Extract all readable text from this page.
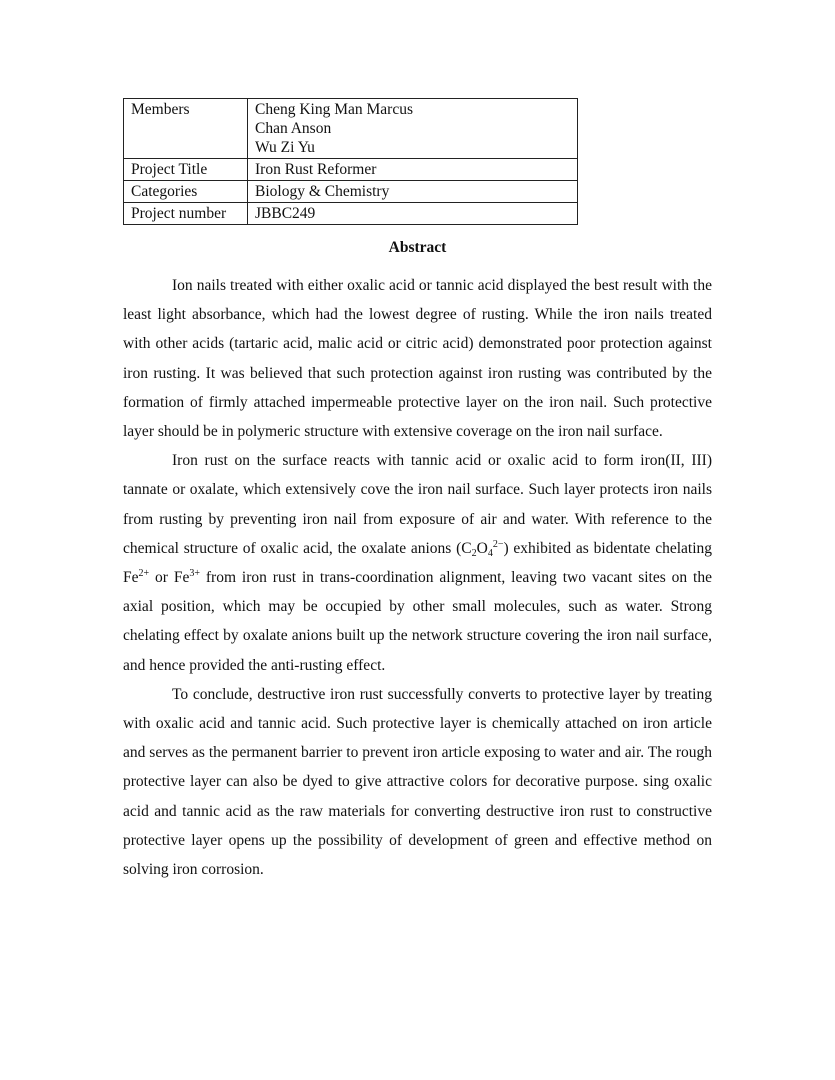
Members	Cheng King Man Marcus
Chan Anson
Wu Zi Yu

Project Title	Iron Rust Reformer
Categories	Biology & Chemistry
Project number	JBBC249
Abstract

Ion nails treated with either oxalic acid or tannic acid displayed the best result with the least light absorbance, which had the lowest degree of rusting. While the iron nails treated with other acids (tartaric acid, malic acid or citric acid) demonstrated poor protection against iron rusting. It was believed that such protection against iron rusting was contributed by the formation of firmly attached impermeable protective layer on the iron nail. Such protective layer should be in polymeric structure with extensive coverage on the iron nail surface.

Iron rust on the surface reacts with tannic acid or oxalic acid to form iron(II, III) tannate or oxalate, which extensively cove the iron nail surface. Such layer protects iron nails from rusting by preventing iron nail from exposure of air and water. With reference to the chemical structure of oxalic acid, the oxalate anions $(C_2O_4^{2-})$ exhibited as bidentate chelating $Fe^{2+}$ or $Fe^{3+}$ from iron rust in trans-coordination alignment, leaving two vacant sites on the axial position, which may be occupied by other small molecules, such as water. Strong chelating effect by oxalate anions built up the network structure covering the iron nail surface, and hence provided the anti-rusting effect.

To conclude, destructive iron rust successfully converts to protective layer by treating with oxalic acid and tannic acid. Such protective layer is chemically attached on iron article and serves as the permanent barrier to prevent iron article exposing to water and air. The rough protective layer can also be dyed to give attractive colors for decorative purpose. sing oxalic acid and tannic acid as the raw materials for converting destructive iron rust to constructive protective layer opens up the possibility of development of green and effective method on solving iron corrosion.
